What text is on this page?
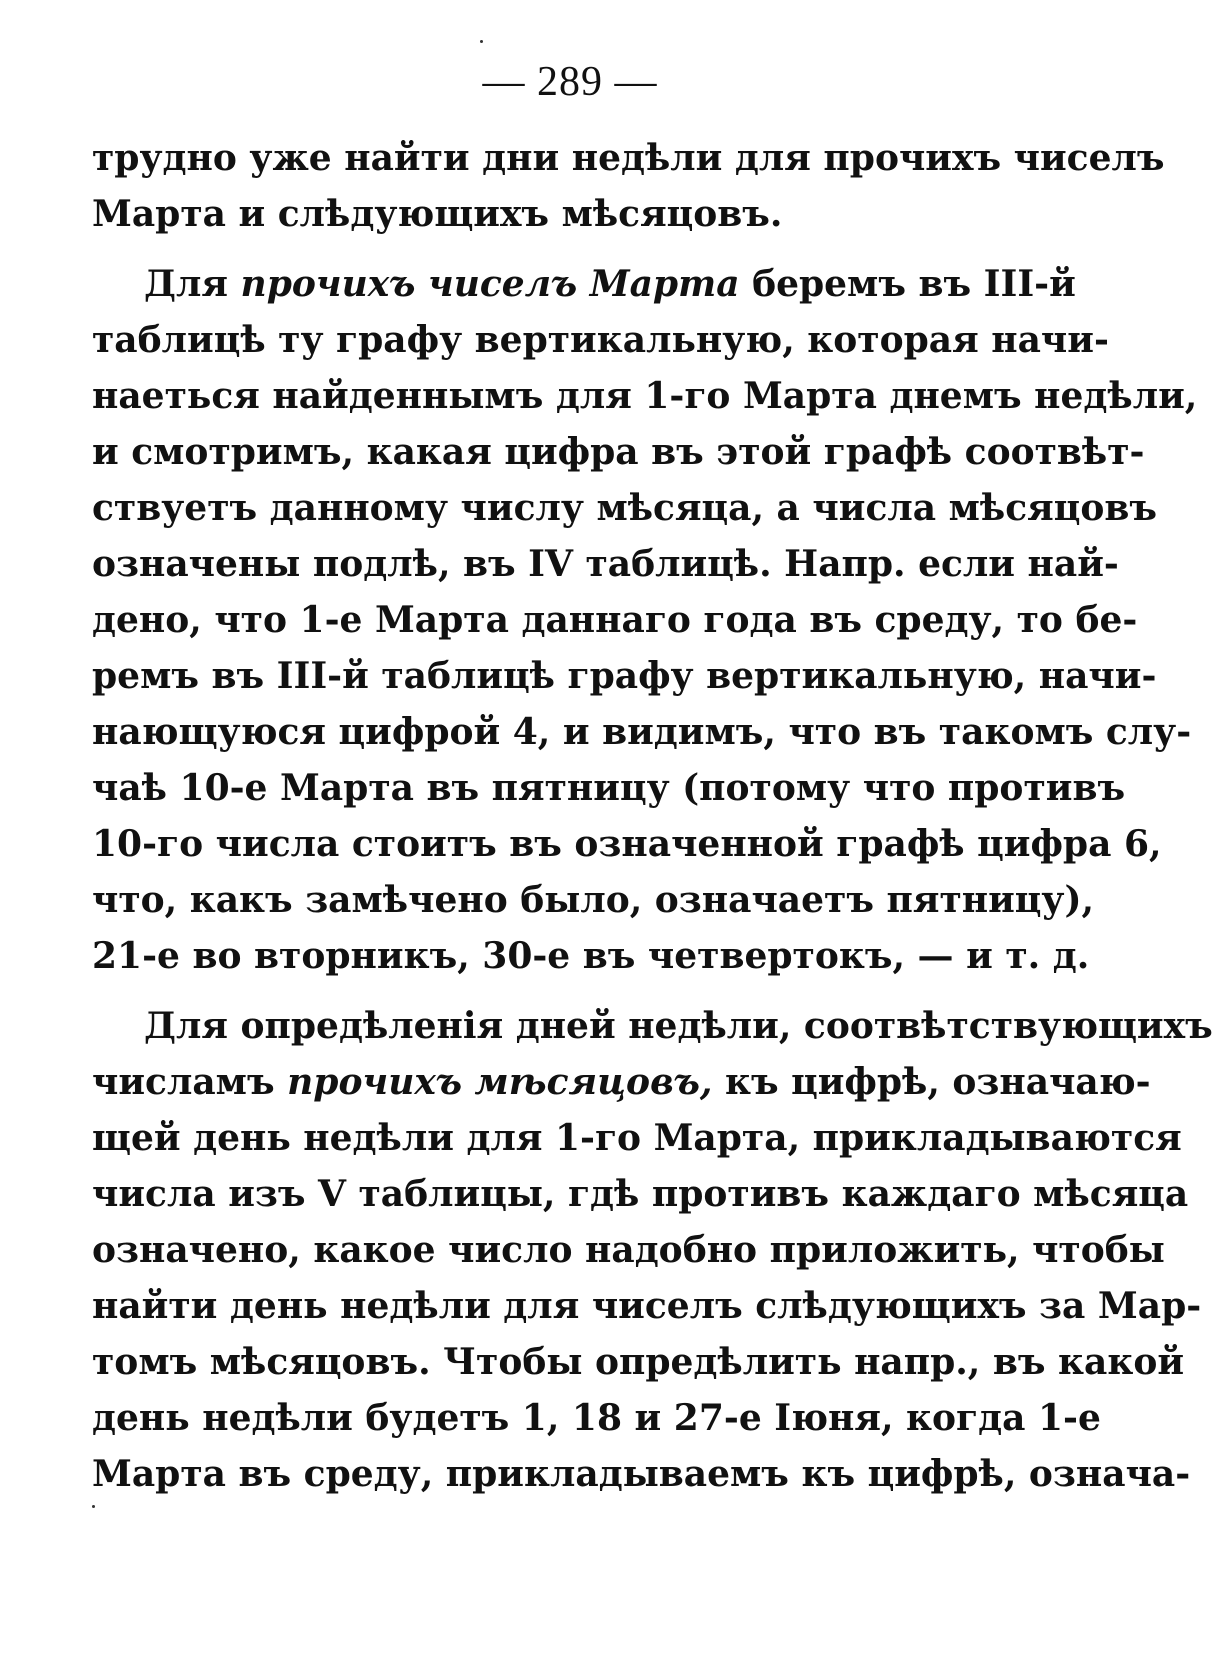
— 289 —
трудно уже найти дни недѣли для прочихъ чиселъ
Марта и слѣдующихъ мѣсяцовъ.
Для прочихъ чиселъ Марта беремъ въ III-й
таблицѣ ту графу вертикальную, которая начи-
наеться найденнымъ для 1-го Марта днемъ недѣли,
и смотримъ, какая цифра въ этой графѣ соотвѣт-
ствуетъ данному числу мѣсяца, а числа мѣсяцовъ
означены подлѣ, въ IV таблицѣ. Напр. если най-
дено, что 1-е Марта даннаго года въ среду, то бе-
ремъ въ III-й таблицѣ графу вертикальную, начи-
нающуюся цифрой 4, и видимъ, что въ такомъ слу-
чаѣ 10-е Марта въ пятницу (потому что противъ
10-го числа стоитъ въ означенной графѣ цифра 6,
что, какъ замѣчено было, означаетъ пятницу),
21-е во вторникъ, 30-е въ четвертокъ, — и т. д.
Для опредѣленія дней недѣли, соотвѣтствующихъ
числамъ прочихъ мѣсяцовъ, къ цифрѣ, означаю-
щей день недѣли для 1-го Марта, прикладываются
числа изъ V таблицы, гдѣ противъ каждаго мѣсяца
означено, какое число надобно приложить, чтобы
найти день недѣли для чиселъ слѣдующихъ за Мар-
томъ мѣсяцовъ. Чтобы опредѣлить напр., въ какой
день недѣли будетъ 1, 18 и 27-е Іюня, когда 1-е
Марта въ среду, прикладываемъ къ цифрѣ, означа-
